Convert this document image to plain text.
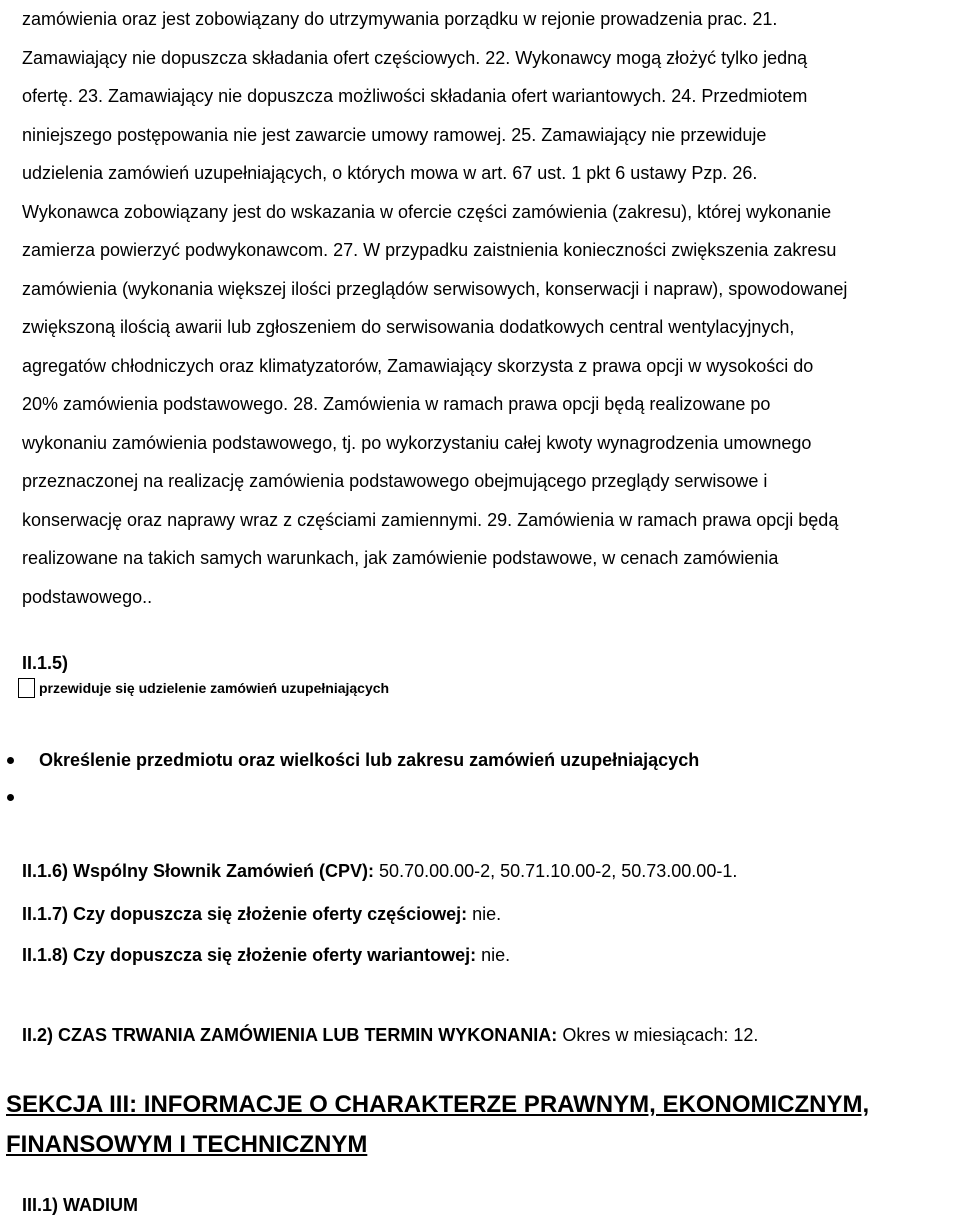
zamówienia oraz jest zobowiązany do utrzymywania porządku w rejonie prowadzenia prac. 21.
Zamawiający nie dopuszcza składania ofert częściowych. 22. Wykonawcy mogą złożyć tylko jedną
ofertę. 23. Zamawiający nie dopuszcza możliwości składania ofert wariantowych. 24. Przedmiotem
niniejszego postępowania nie jest zawarcie umowy ramowej. 25. Zamawiający nie przewiduje
udzielenia zamówień uzupełniających, o których mowa w art. 67 ust. 1 pkt 6 ustawy Pzp. 26.
Wykonawca zobowiązany jest do wskazania w ofercie części zamówienia (zakresu), której wykonanie
zamierza powierzyć podwykonawcom. 27. W przypadku zaistnienia konieczności zwiększenia zakresu
zamówienia (wykonania większej ilości przeglądów serwisowych, konserwacji i napraw), spowodowanej
zwiększoną ilością awarii lub zgłoszeniem do serwisowania dodatkowych central wentylacyjnych,
agregatów chłodniczych oraz klimatyzatorów, Zamawiający skorzysta z prawa opcji w wysokości do
20% zamówienia podstawowego. 28. Zamówienia w ramach prawa opcji będą realizowane po
wykonaniu zamówienia podstawowego, tj. po wykorzystaniu całej kwoty wynagrodzenia umownego
przeznaczonej na realizację zamówienia podstawowego obejmującego przeglądy serwisowe i
konserwację oraz naprawy wraz z częściami zamiennymi. 29. Zamówienia w ramach prawa opcji będą
realizowane na takich samych warunkach, jak zamówienie podstawowe, w cenach zamówienia
podstawowego..
II.1.5)
przewiduje się udzielenie zamówień uzupełniających
Określenie przedmiotu oraz wielkości lub zakresu zamówień uzupełniających
II.1.6) Wspólny Słownik Zamówień (CPV): 50.70.00.00-2, 50.71.10.00-2, 50.73.00.00-1.
II.1.7) Czy dopuszcza się złożenie oferty częściowej: nie.
II.1.8) Czy dopuszcza się złożenie oferty wariantowej: nie.
II.2) CZAS TRWANIA ZAMÓWIENIA LUB TERMIN WYKONANIA: Okres w miesiącach: 12.
SEKCJA III: INFORMACJE O CHARAKTERZE PRAWNYM, EKONOMICZNYM,
FINANSOWYM I TECHNICZNYM
III.1) WADIUM
